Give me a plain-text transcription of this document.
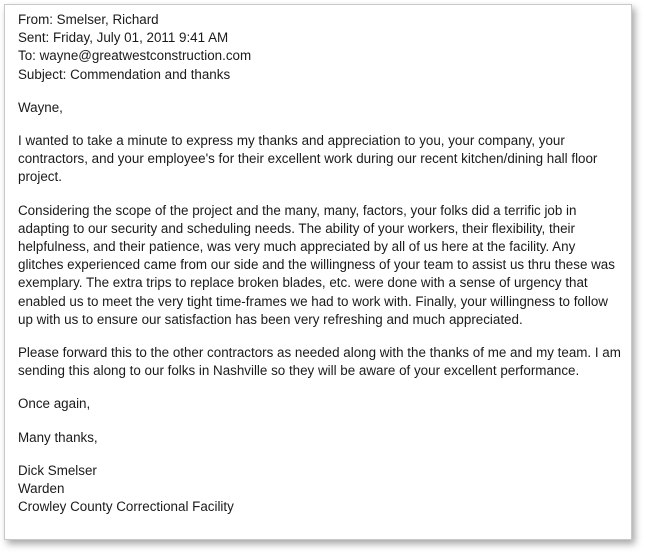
From: Smelser, Richard
Sent: Friday, July 01, 2011 9:41 AM
To: wayne@greatwestconstruction.com
Subject: Commendation and thanks

Wayne,

I wanted to take a minute to express my thanks and appreciation to you, your company, your contractors, and your employee's for their excellent work during our recent kitchen/dining hall floor project.

Considering the scope of the project and the many, many, factors, your folks did a terrific job in adapting to our security and scheduling needs. The ability of your workers, their flexibility, their helpfulness, and their patience, was very much appreciated by all of us here at the facility. Any glitches experienced came from our side and the willingness of your team to assist us thru these was exemplary. The extra trips to replace broken blades, etc. were done with a sense of urgency that enabled us to meet the very tight time-frames we had to work with. Finally, your willingness to follow up with us to ensure our satisfaction has been very refreshing and much appreciated.

Please forward this to the other contractors as needed along with the thanks of me and my team. I am sending this along to our folks in Nashville so they will be aware of your excellent performance.

Once again,

Many thanks,

Dick Smelser
Warden
Crowley County Correctional Facility
